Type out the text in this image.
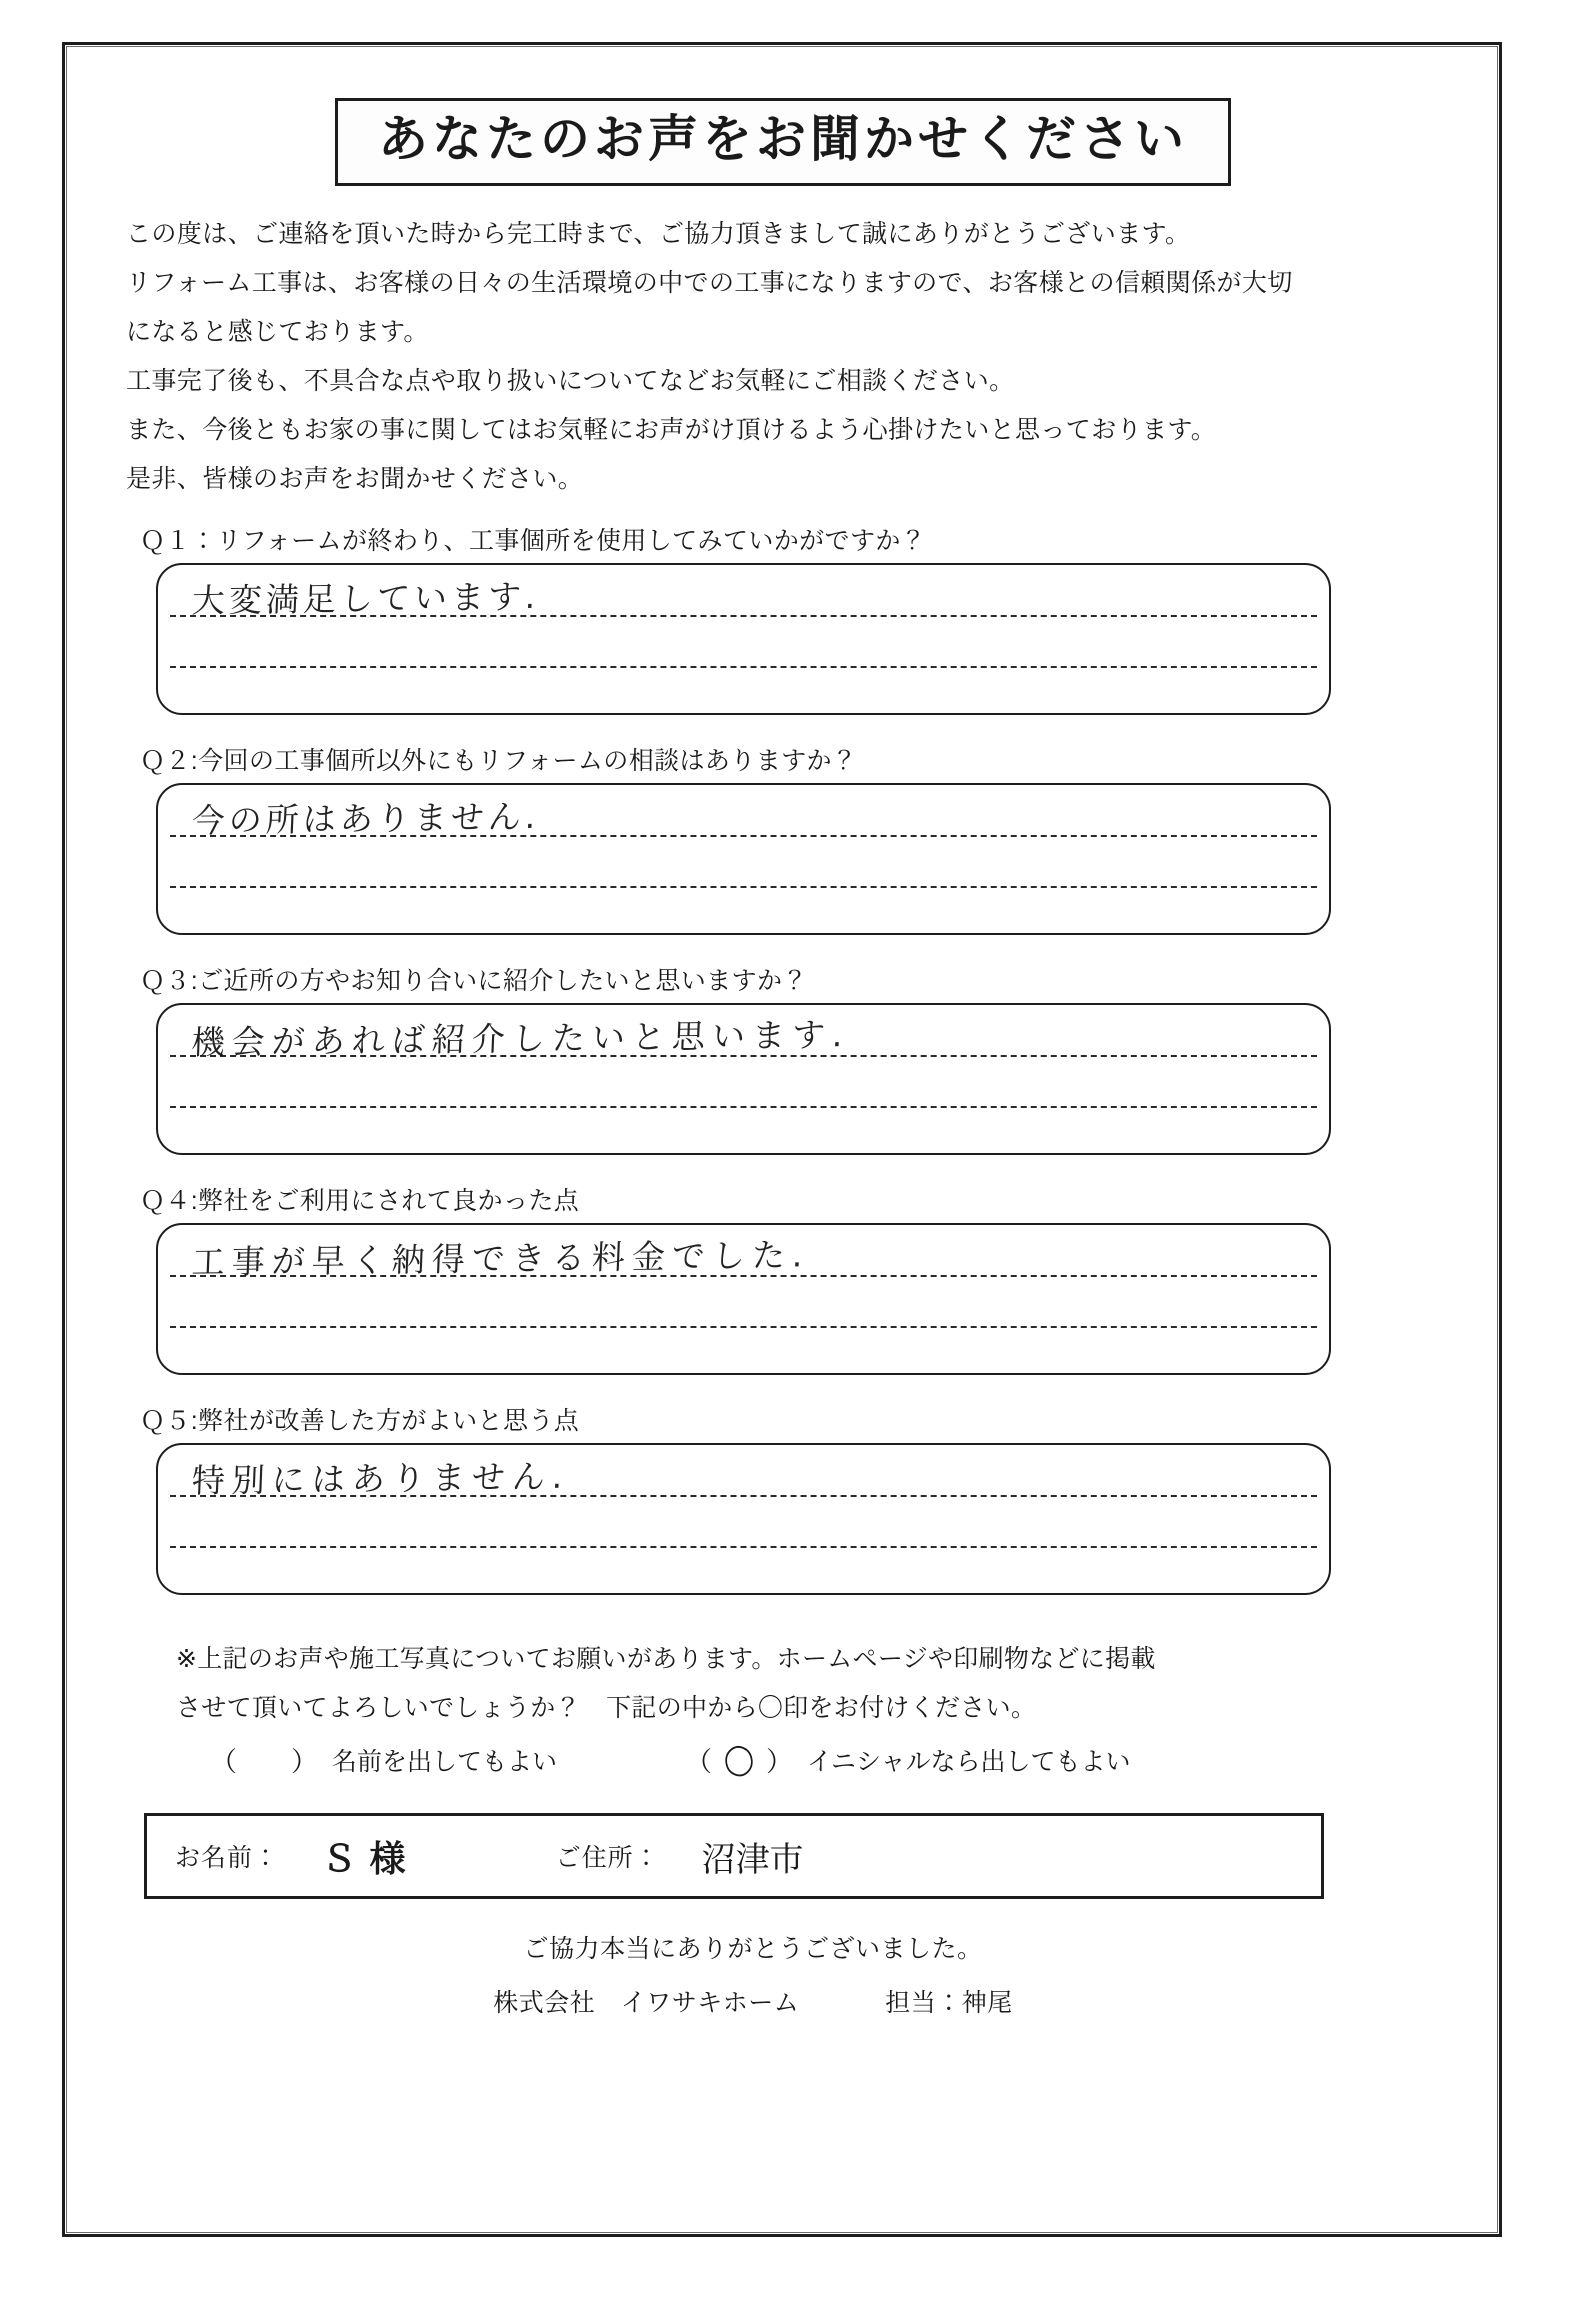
あなたのお声をお聞かせください

この度は、ご連絡を頂いた時から完工時まで、ご協力頂きまして誠にありがとうございます。

リフォーム工事は、お客様の日々の生活環境の中での工事になりますので、お客様との信頼関係が大切

になると感じております。

工事完了後も、不具合な点や取り扱いについてなどお気軽にご相談ください。

また、今後ともお家の事に関してはお気軽にお声がけ頂けるよう心掛けたいと思っております。

是非、皆様のお声をお聞かせください。

Ｑ１：リフォームが終わり、工事個所を使用してみていかがですか？
大変満足しています.
Ｑ２:今回の工事個所以外にもリフォームの相談はありますか？
今の所はありません.
Ｑ３:ご近所の方やお知り合いに紹介したいと思いますか？
機会があれば紹介したいと思います.
Ｑ４:弊社をご利用にされて良かった点
工事が早く納得できる料金でした.
Ｑ５:弊社が改善した方がよいと思う点
特別にはありません.

※上記のお声や施工写真についてお願いがあります。ホームページや印刷物などに掲載

させて頂いてよろしいでしょうか？　下記の中から〇印をお付けください。

（ ） 名前を出してもよい	（ ◯ ） イニシャルなら出してもよい
お名前： Ｓ 様	ご住所： 沼津市

ご協力本当にありがとうございました。

株式会社　イワサキホーム	担当：神尾
